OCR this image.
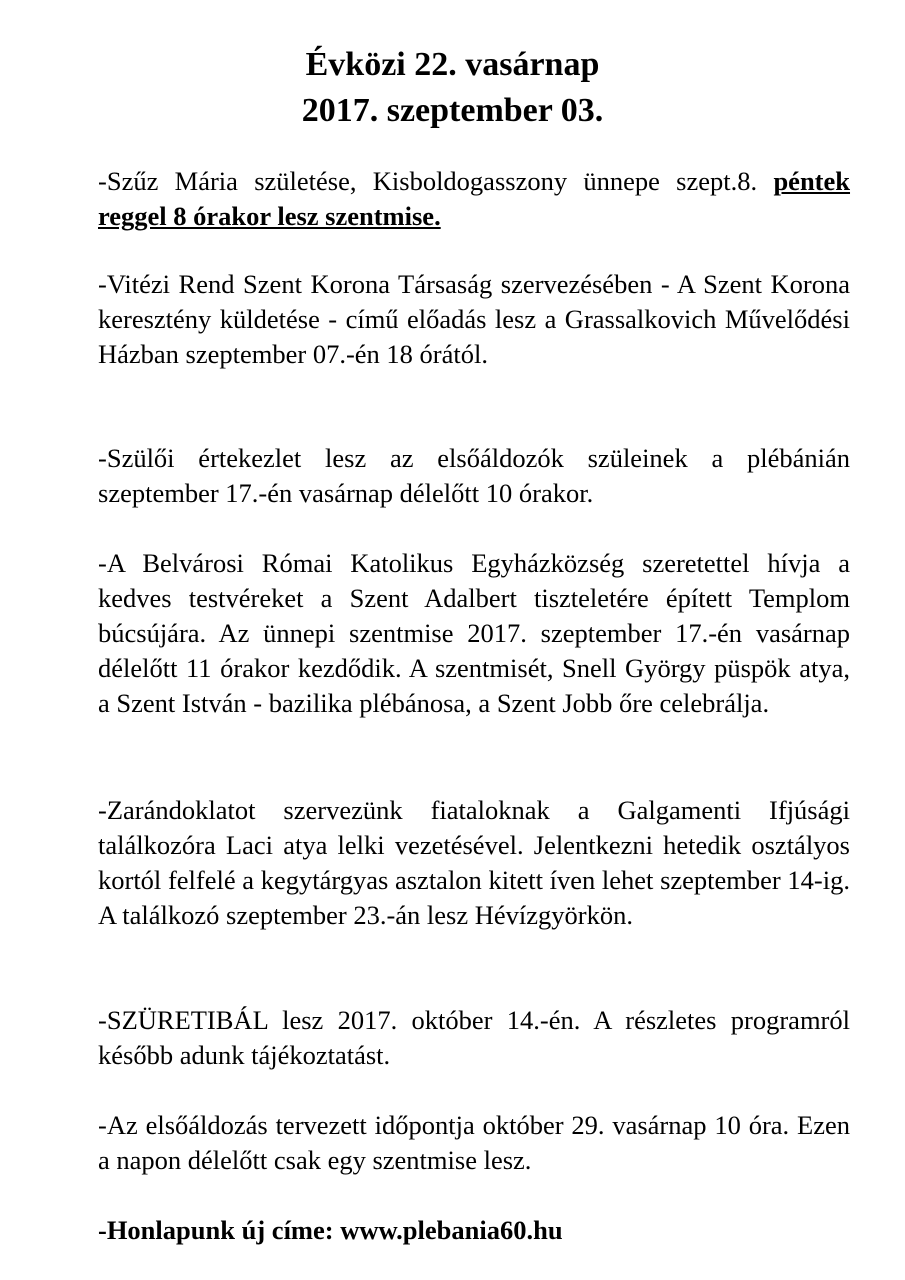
Évközi 22. vasárnap
2017. szeptember 03.

-Szűz Mária születése, Kisboldogasszony ünnepe szept.8. péntek reggel 8 órakor lesz szentmise.

-Vitézi Rend Szent Korona Társaság szervezésében - A Szent Korona keresztény küldetése - című előadás lesz a Grassalkovich Művelődési Házban szeptember 07.-én 18 órától.

-Szülői értekezlet lesz az elsőáldozók szüleinek a plébánián szeptember 17.-én vasárnap délelőtt 10 órakor.

-A Belvárosi Római Katolikus Egyházközség szeretettel hívja a kedves testvéreket a Szent Adalbert tiszteletére épített Templom búcsújára. Az ünnepi szentmise 2017. szeptember 17.-én vasárnap délelőtt 11 órakor kezdődik. A szentmisét, Snell György püspök atya, a Szent István - bazilika plébánosa, a Szent Jobb őre celebrálja.

-Zarándoklatot szervezünk fiataloknak a Galgamenti Ifjúsági találkozóra Laci atya lelki vezetésével. Jelentkezni hetedik osztályos kortól felfelé a kegytárgyas asztalon kitett íven lehet szeptember 14-ig. A találkozó szeptember 23.-án lesz Hévízgyörkön.

-SZÜRETIBÁL lesz 2017. október 14.-én. A részletes programról később adunk tájékoztatást.

-Az elsőáldozás tervezett időpontja október 29. vasárnap 10 óra. Ezen a napon délelőtt csak egy szentmise lesz.

-Honlapunk új címe: www.plebania60.hu
